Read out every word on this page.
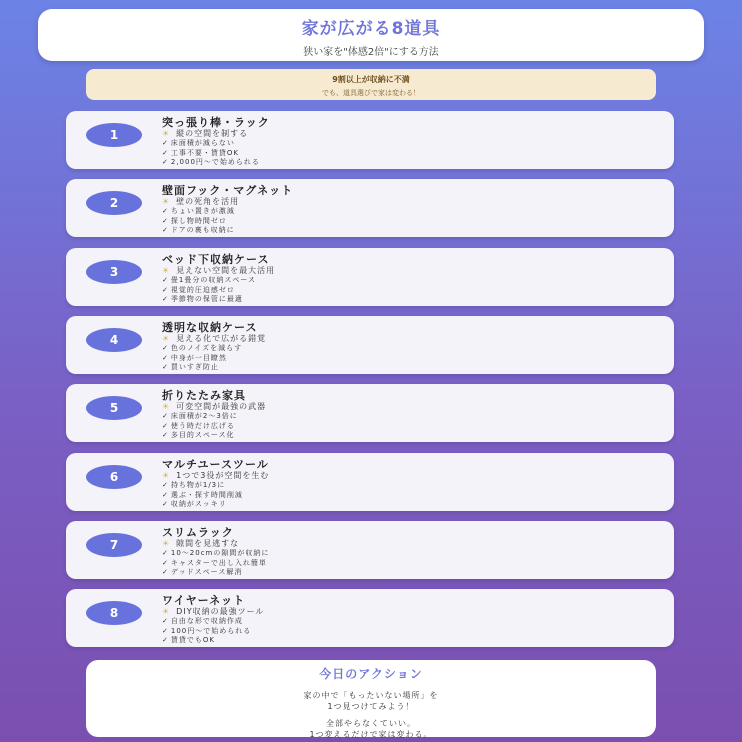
家が広がる8道具
狭い家を"体感2倍"にする方法
9割以上が収納に不満
でも、道具選びで家は変わる！
1
突っ張り棒・ラック
☀ 縦の空間を制する
✓ 床面積が減らない
✓ 工事不要・賃貸OK
✓ 2,000円〜で始められる
2
壁面フック・マグネット
☀ 壁の死角を活用
✓ ちょい置きが激減
✓ 探し物時間ゼロ
✓ ドアの裏も収納に
3
ベッド下収納ケース
☀ 見えない空間を最大活用
✓ 畳1畳分の収納スペース
✓ 視覚的圧迫感ゼロ
✓ 季節物の保管に最適
4
透明な収納ケース
☀ 見える化で広がる錯覚
✓ 色のノイズを減らす
✓ 中身が一目瞭然
✓ 買いすぎ防止
5
折りたたみ家具
☀ 可変空間が最強の武器
✓ 床面積が2〜3倍に
✓ 使う時だけ広げる
✓ 多目的スペース化
6
マルチユースツール
☀ 1つで3役が空間を生む
✓ 持ち物が1/3に
✓ 選ぶ・探す時間削減
✓ 収納がスッキリ
7
スリムラック
☀ 隙間を見逃すな
✓ 10〜20cmの隙間が収納に
✓ キャスターで出し入れ簡単
✓ デッドスペース解消
8
ワイヤーネット
☀ DIY収納の最強ツール
✓ 自由な形で収納作成
✓ 100円〜で始められる
✓ 賃貸でもOK
今日のアクション
家の中で「もったいない場所」を
1つ見つけてみよう！
全部やらなくていい。
1つ変えるだけで家は変わる。
